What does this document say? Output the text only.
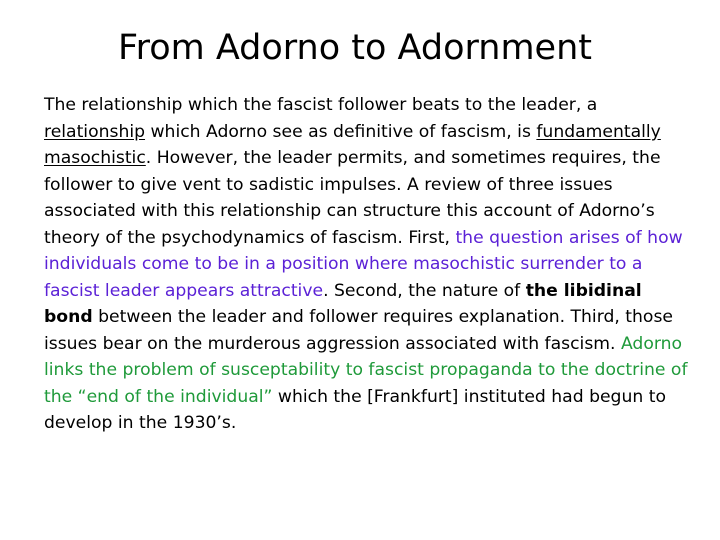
From Adorno to Adornment
The relationship which the fascist follower beats to the leader, a relationship which Adorno see as definitive of fascism, is fundamentally masochistic. However, the leader permits, and sometimes requires, the follower to give vent to sadistic impulses. A review of three issues associated with this relationship can structure this account of Adorno’s theory of the psychodynamics of fascism. First, the question arises of how individuals come to be in a position where masochistic surrender to a fascist leader appears attractive. Second, the nature of the libidinal bond between the leader and follower requires explanation. Third, those issues bear on the murderous aggression associated with fascism. Adorno links the problem of susceptability to fascist propaganda to the doctrine of the “end of the individual” which the [Frankfurt] instituted had begun to develop in the 1930’s.
